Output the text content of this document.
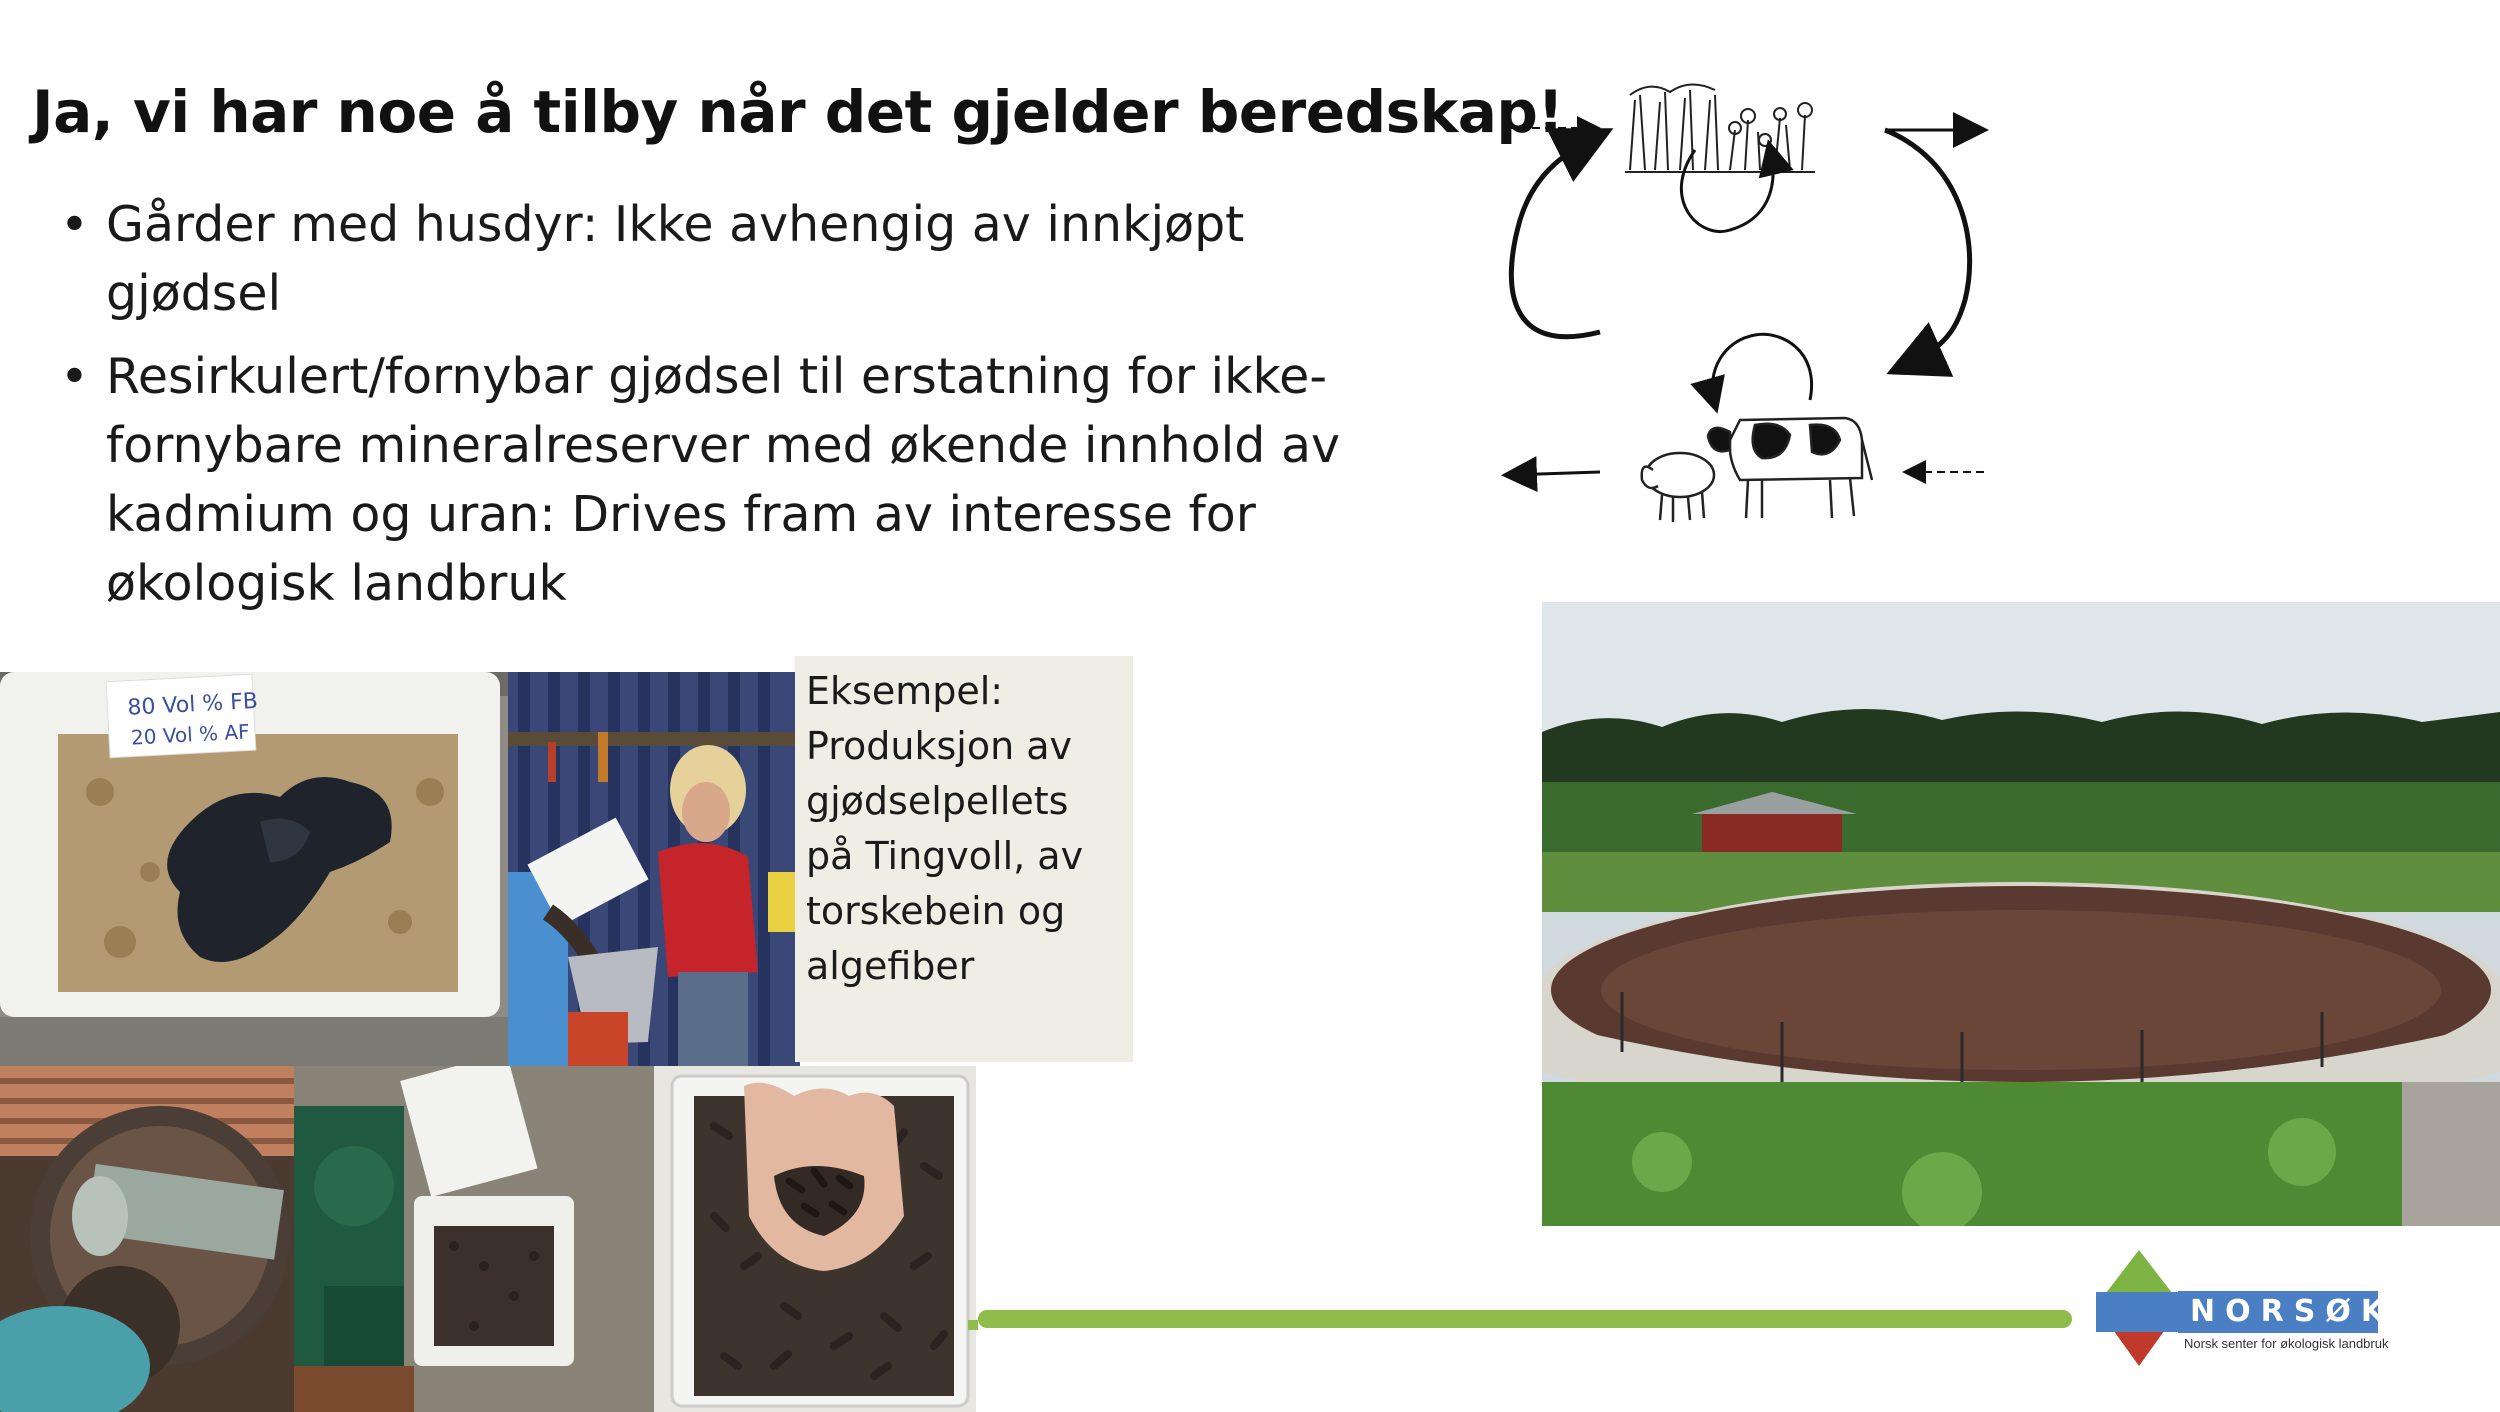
Ja, vi har noe å tilby når det gjelder beredskap!
• Gårder med husdyr: Ikke avhengig av innkjøpt gjødsel
• Resirkulert/fornybar gjødsel til erstatning for ikke-fornybare mineralreserver med økende innhold av kadmium og uran: Drives fram av interesse for økologisk landbruk
80 Vol % FB
20 Vol % AF
Eksempel: Produksjon av gjødselpellets på Tingvoll, av torskebein og algefiber
NORSØK
Norsk senter for økologisk landbruk
